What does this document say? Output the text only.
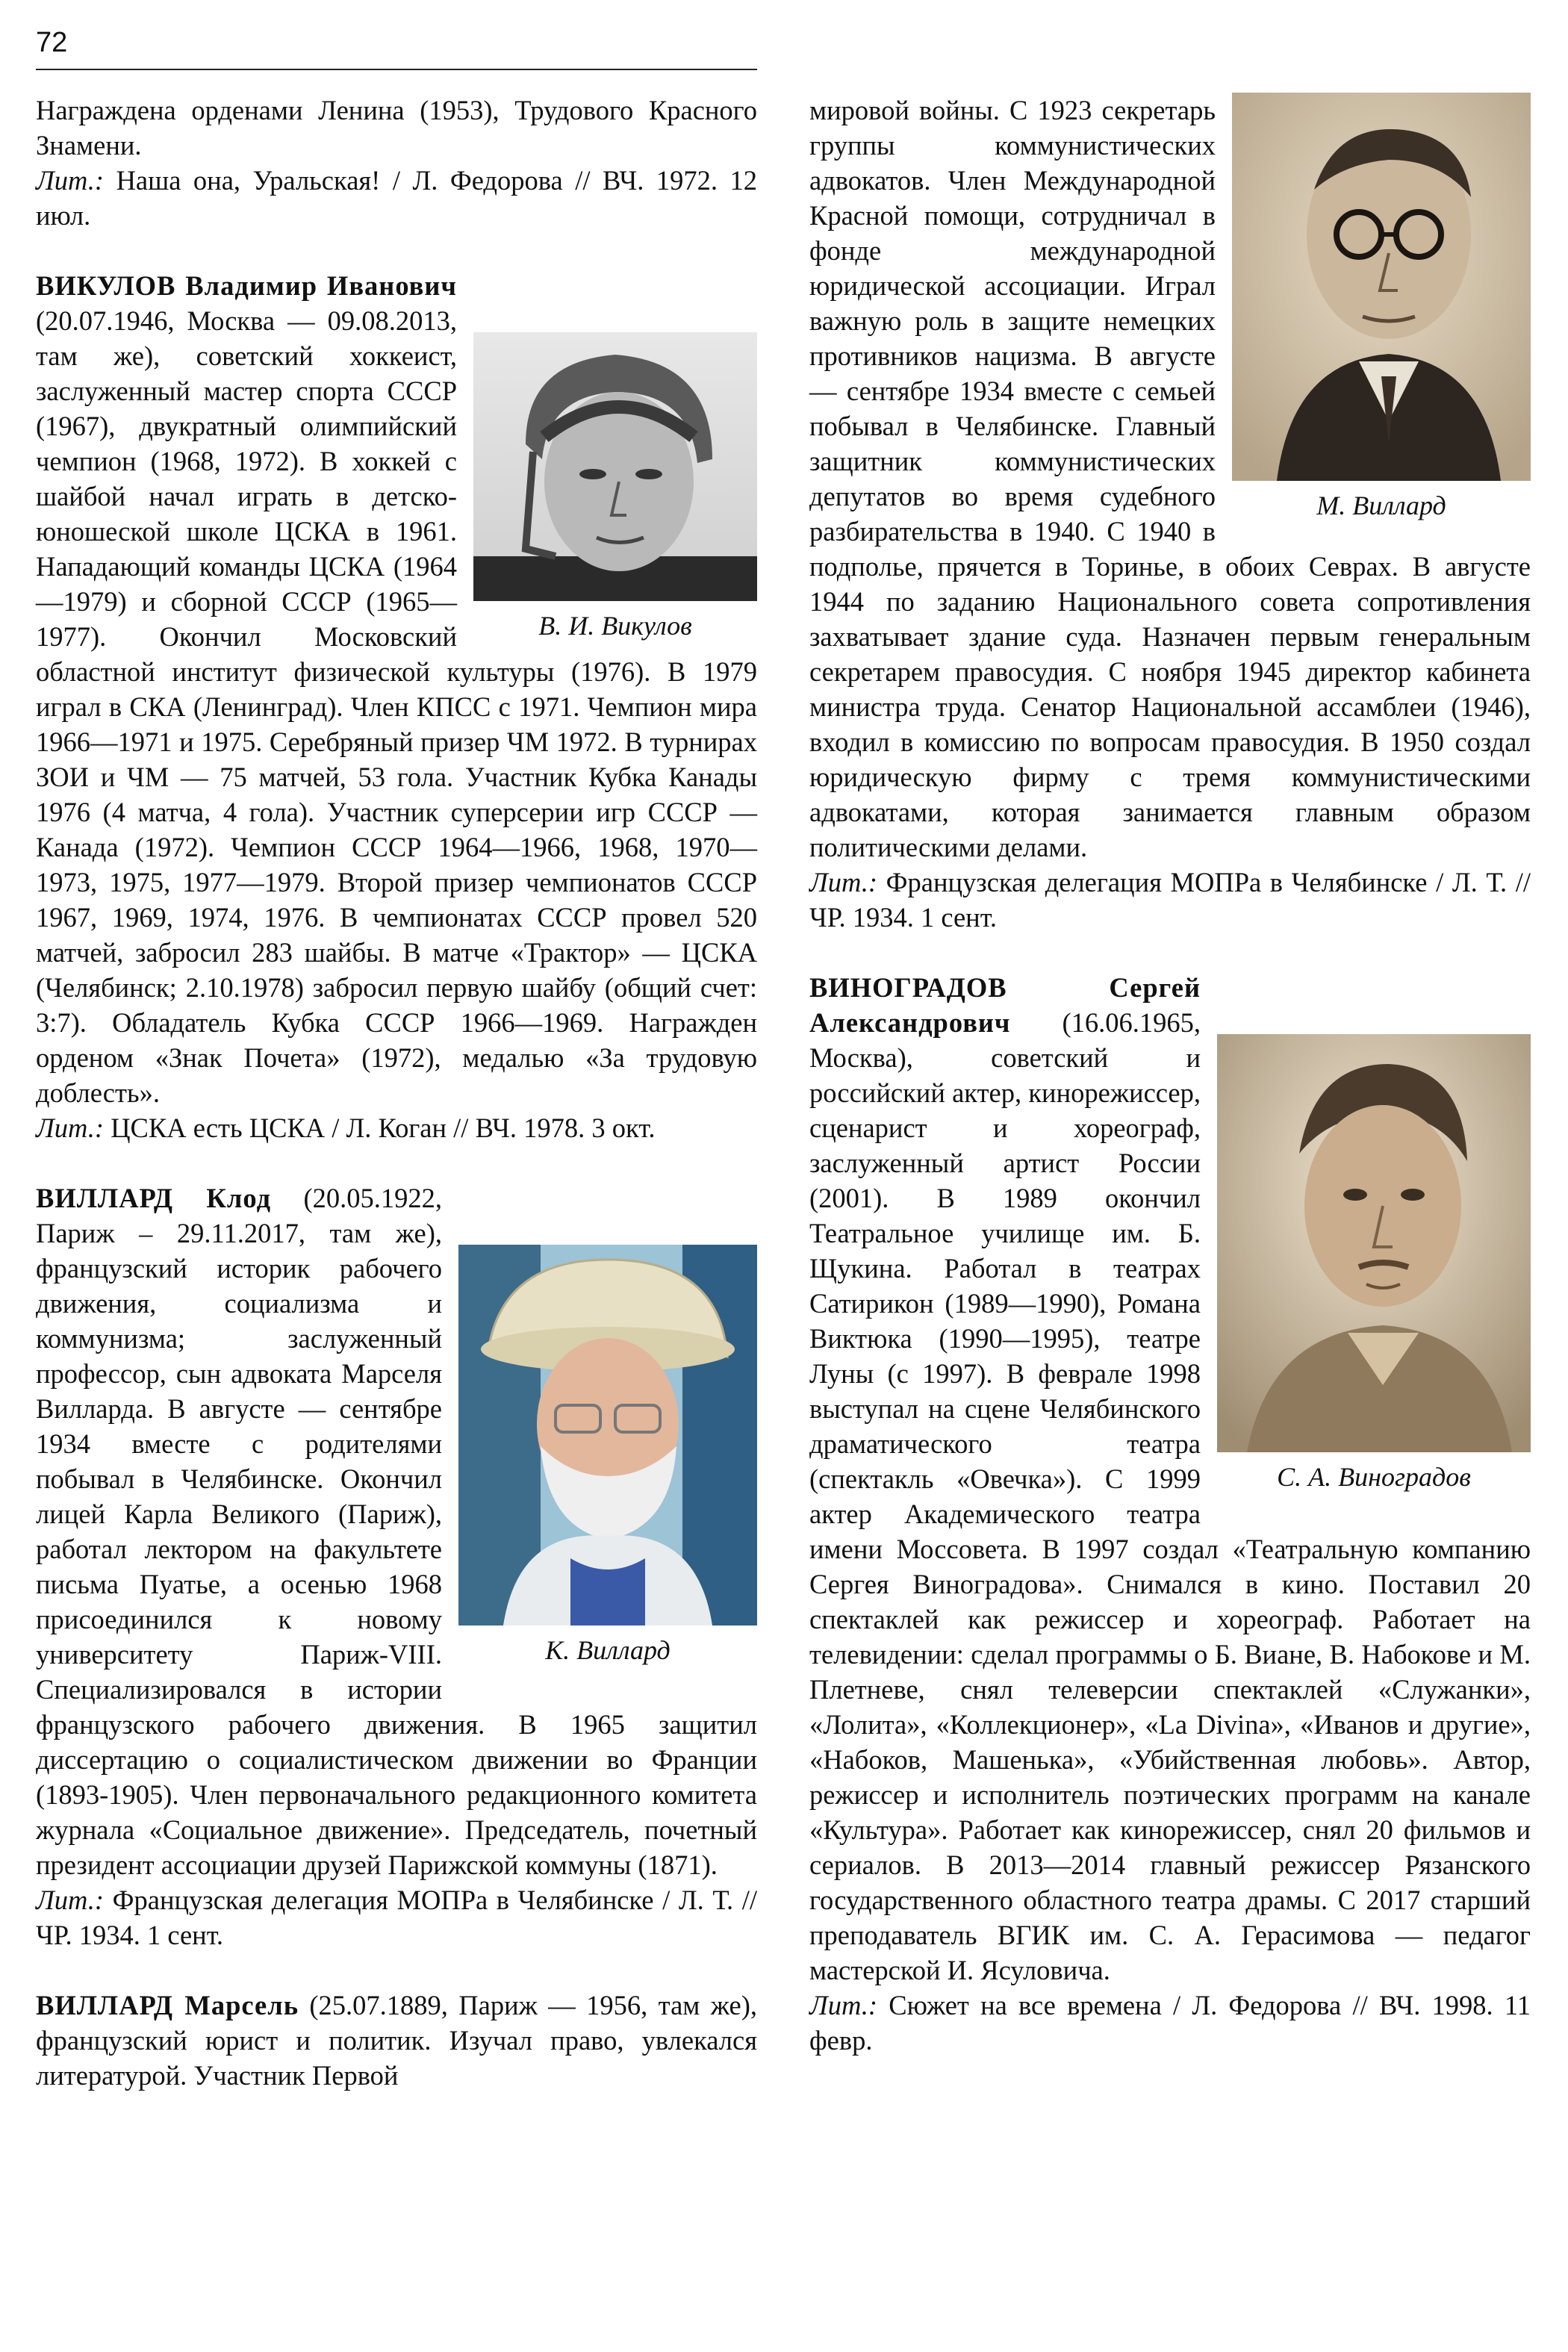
72

Награждена орденами Ленина (1953), Трудового Красного Знамени.

Лит.: Наша она, Уральская! / Л. Федорова // ВЧ. 1972. 12 июл.

В. И. Викулов

ВИКУЛОВ Владимир Иванович (20.07.1946, Москва — 09.08.2013, там же), советский хоккеист, заслуженный мастер спорта СССР (1967), двукратный олимпийский чемпион (1968, 1972). В хоккей с шайбой начал играть в детско-юношеской школе ЦСКА в 1961. Нападающий команды ЦСКА (1964—1979) и сборной СССР (1965—1977). Окончил Московский областной институт физической культуры (1976). В 1979 играл в СКА (Ленинград). Член КПСС с 1971. Чемпион мира 1966—1971 и 1975. Серебряный призер ЧМ 1972. В турнирах ЗОИ и ЧМ — 75 матчей, 53 гола. Участник Кубка Канады 1976 (4 матча, 4 гола). Участник суперсерии игр СССР — Канада (1972). Чемпион СССР 1964—1966, 1968, 1970—1973, 1975, 1977—1979. Второй призер чемпионатов СССР 1967, 1969, 1974, 1976. В чемпионатах СССР провел 520 матчей, забросил 283 шайбы. В матче «Трактор» — ЦСКА (Челябинск; 2.10.1978) забросил первую шайбу (общий счет: 3:7). Обладатель Кубка СССР 1966—1969. Награжден орденом «Знак Почета» (1972), медалью «За трудовую доблесть».

Лит.: ЦСКА есть ЦСКА / Л. Коган // ВЧ. 1978. 3 окт.

К. Виллард

ВИЛЛАРД Клод (20.05.1922, Париж – 29.11.2017, там же), французский историк рабочего движения, социализма и коммунизма; заслуженный профессор, сын адвоката Марселя Вилларда. В августе — сентябре 1934 вместе с родителями побывал в Челябинске. Окончил лицей Карла Великого (Париж), работал лектором на факультете письма Пуатье, а осенью 1968 присоединился к новому университету Париж-VIII. Специализировался в истории французского рабочего движения. В 1965 защитил диссертацию о социалистическом движении во Франции (1893-1905). Член первоначального редакционного комитета журнала «Социальное движение». Председатель, почетный президент ассоциации друзей Парижской коммуны (1871).

Лит.: Французская делегация МОПРа в Челябинске / Л. Т. // ЧР. 1934. 1 сент.

ВИЛЛАРД Марсель (25.07.1889, Париж — 1956, там же), французский юрист и политик. Изучал право, увлекался литературой. Участник Первой

М. Виллард

мировой войны. С 1923 секретарь группы коммунистических адвокатов. Член Международной Красной помощи, сотрудничал в фонде международной юридической ассоциации. Играл важную роль в защите немецких противников нацизма. В августе — сентябре 1934 вместе с семьей побывал в Челябинске. Главный защитник коммунистических депутатов во время судебного разбирательства в 1940. С 1940 в подполье, прячется в Торинье, в обоих Севрах. В августе 1944 по заданию Национального совета сопротивления захватывает здание суда. Назначен первым генеральным секретарем правосудия. С ноября 1945 директор кабинета министра труда. Сенатор Национальной ассамблеи (1946), входил в комиссию по вопросам правосудия. В 1950 создал юридическую фирму с тремя коммунистическими адвокатами, которая занимается главным образом политическими делами.

Лит.: Французская делегация МОПРа в Челябинске / Л. Т. // ЧР. 1934. 1 сент.

С. А. Виноградов

ВИНОГРАДОВ Сергей Александрович (16.06.1965, Москва), советский и российский актер, кинорежиссер, сценарист и хореограф, заслуженный артист России (2001). В 1989 окончил Театральное училище им. Б. Щукина. Работал в театрах Сатирикон (1989—1990), Романа Виктюка (1990—1995), театре Луны (с 1997). В феврале 1998 выступал на сцене Челябинского драматического театра (спектакль «Овечка»). С 1999 актер Академического театра имени Моссовета. В 1997 создал «Театральную компанию Сергея Виноградова». Снимался в кино. Поставил 20 спектаклей как режиссер и хореограф. Работает на телевидении: сделал программы о Б. Виане, В. Набокове и М. Плетневе, снял телеверсии спектаклей «Служанки», «Лолита», «Коллекционер», «La Divina», «Иванов и другие», «Набоков, Машенька», «Убийственная любовь». Автор, режиссер и исполнитель поэтических программ на канале «Культура». Работает как кинорежиссер, снял 20 фильмов и сериалов. В 2013—2014 главный режиссер Рязанского государственного областного театра драмы. С 2017 старший преподаватель ВГИК им. С. А. Герасимова — педагог мастерской И. Ясуловича.

Лит.: Сюжет на все времена / Л. Федорова // ВЧ. 1998. 11 февр.
